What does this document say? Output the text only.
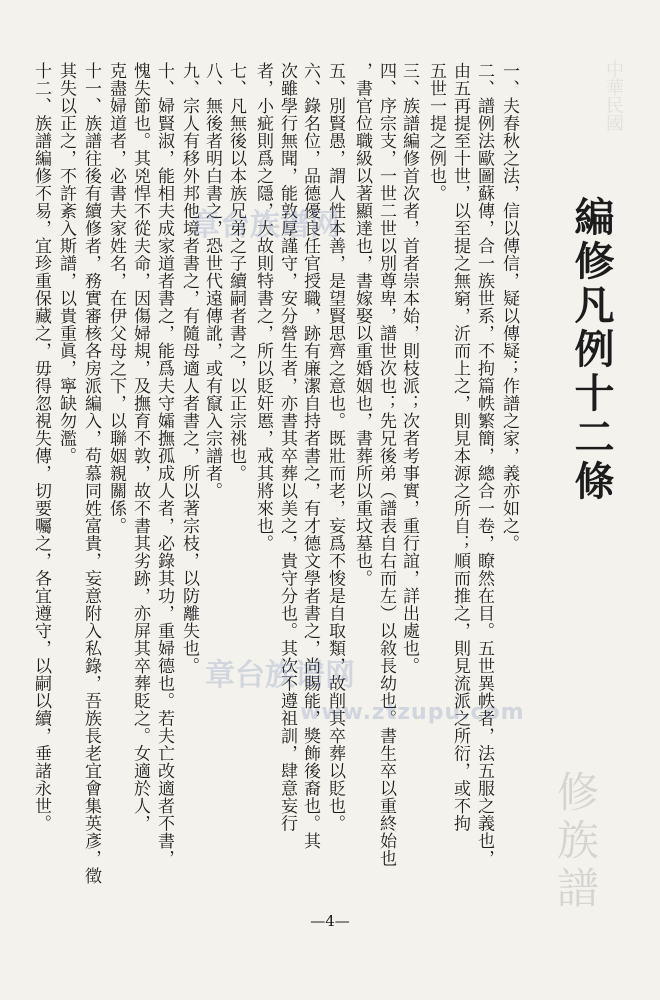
中華民國
編修凡例十二條
一、夫春秋之法，信以傳信，疑以傳疑；作譜之家，義亦如之。
二、譜例法歐圖蘇傳，合一族世系，不拘篇帙繁簡，總合一卷，瞭然在目。五世異帙者，法五服之義也，
由五再提至十世，以至提之無窮，沂而上之，則見本源之所自；順而推之，則見流派之所衍，或不拘
五世一提之例也。
三、族譜編修首次者，首者崇本始，則枝派；次者考事實，重行誼，詳出處也。
四、序宗支，一世二世以別尊卑，譜世次也；先兄後弟（譜表自右而左）以敘長幼也。書生卒以重終始也
，書官位職級以著顯達也，書嫁娶以重婚姻也，書葬所以重坟墓也。
五、別賢愚，謂人性本善，是望賢思齊之意也。既壯而老，妄爲不悛是自取類，故削其卒葬以貶也。
六、錄名位，品德優良任官授職，跡有廉潔自持者書之，有才德文學者書之，尚賜能，獎飾後裔也。其
次雖學行無聞，能敦厚謹守，安分營生者，亦書其卒葬以美之，貴守分也。其次不遵祖訓，肆意妄行
者，小疵則爲之隱，大故則特書之，所以貶奸慝，戒其將來也。
七、凡無後以本族兄弟之子續嗣者書之，以正宗祧也。
八、無後者明白書之，恐世代遠傳訛，或有竄入宗譜者。
九、宗人有移外邦他境者書之，有隨母適人者書之，所以著宗枝，以防離失也。
十、婦賢淑，能相夫成家道者書之，能爲夫守孀撫孤成人者，必錄其功，重婦德也。若夫亡改適者不書，
愧失節也。其兇悍不從夫命，因傷婦規，及撫育不敦，故不書其劣跡，亦屏其卒葬貶之。女適於人，
克盡婦道者，必書夫家姓名，在伊父母之下，以聯姻親關係。
十一、族譜往後有續修者，務實審核各房派編入，苟慕同姓富貴，妄意附入私錄，吾族長老宜會集英彥，徵
其失以正之，不許紊入斯譜，以貴重眞，寧缺勿濫。
十二、族譜編修不易，宜珍重保藏之，毋得忽視失傳，切要囑之，各宜遵守，以嗣以續，垂諸永世。
修族譜
章台族谱网
章台族谱网
www.ztzupu.com
—4—
